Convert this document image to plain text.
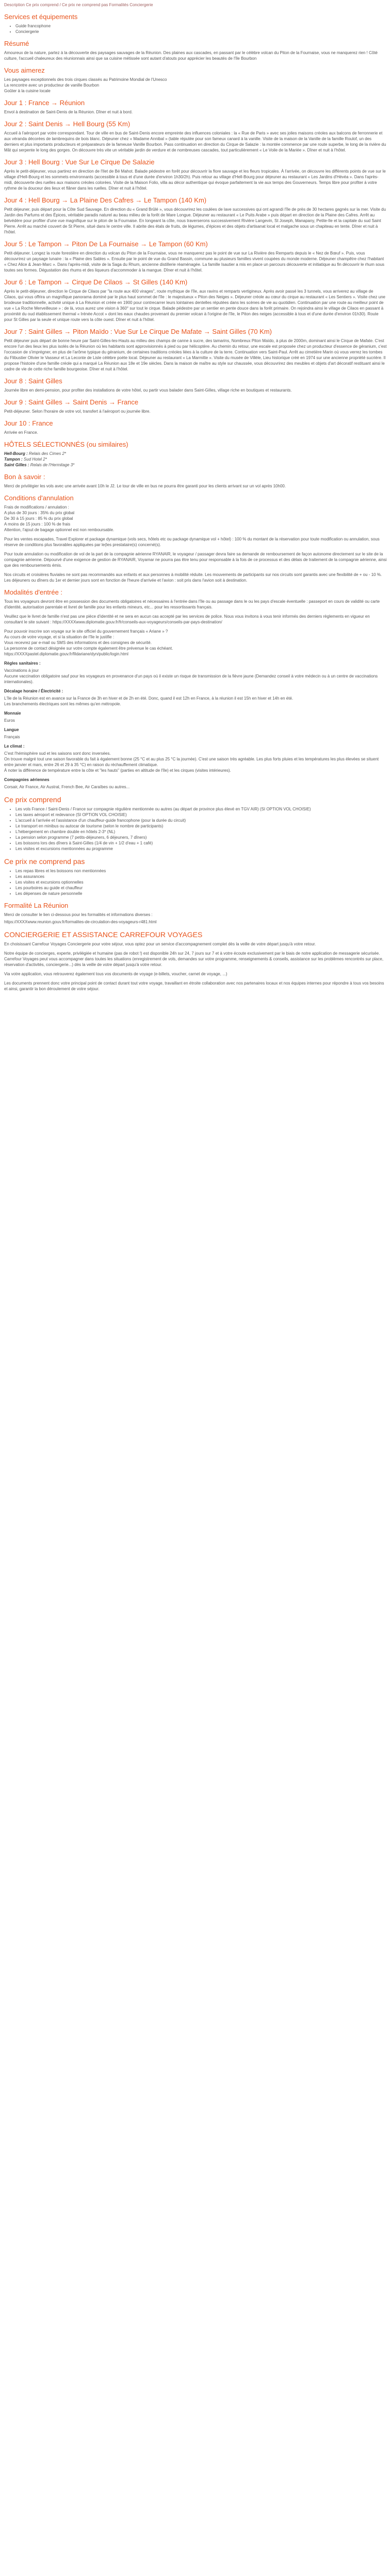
Description Ce prix comprend / Ce prix ne comprend pas Formalités Conciergerie
Services et équipements
• Guide francophone
• Conciergerie
Résumé

Amoureux de la nature, partez à la découverte des paysages sauvages de la Réunion. Des plaines aux cascades, en passant par le célèbre volcan du Piton de la Fournaise, vous ne manquerez rien ! Côté culture, l'accueil chaleureux des réunionnais ainsi que sa cuisine métissée sont autant d'atouts pour apprécier les beautés de l'île Bourbon

Vous aimerez

Les paysages exceptionnels des trois cirques classés au Patrimoine Mondial de l'Unesco

La rencontre avec un producteur de vanille Bourbon

Goûter à la cuisine locale

Jour 1 : France → Réunion

Envol à destination de Saint-Denis de la Réunion. Dîner et nuit à bord.

Jour 2 : Saint Denis → Hell Bourg (55 Km)

Accueil à l'aéroport par votre correspondant. Tour de ville en bus de Saint-Denis encore empreinte des influences coloniales : la « Rue de Paris » avec ses jolies maisons créoles aux balcons de ferronnerie et aux véranda décorées de lambrequins de bois blanc. Déjeuner chez « Madame Annibal » (table réputée pour son fameux canard à la vanille. Visite de la maison de la Vanille de la famille Roulof, un des derniers et plus importants producteurs et préparateurs de la fameuse Vanille Bourbon. Pass continuation en direction du Cirque de Salazie : la montée commence par une route superbe, le long de la rivière du Mât qui serpente le long des gorges. On découvre très vite un véritable jardin de verdure et de nombreuses cascades, tout particulièrement « Le Voile de la Mariée ». Dîner et nuit à l'hôtel.

Jour 3 : Hell Bourg : Vue Sur Le Cirque De Salazie

Après le petit-déjeuner, vous partirez en direction de l'Ilet de Bé Mahot. Balade pédestre en forêt pour découvrir la flore sauvage et les fleurs tropicales. À l'arrivée, on découvre les différents points de vue sur le village d'Hell-Bourg et les sommets environnants (accessible à tous et d'une durée d'environ 1h30/2h). Puis retour au village d'Hell-Bourg pour déjeuner au restaurant « Les Jardins d'Hévéa ». Dans l'après-midi, découverte des ruelles aux maisons créoles colorées. Visite de la Maison Folio, villa au décor authentique qui évoque parfaitement la vie aux temps des Gouverneurs. Temps libre pour profiter à votre rythme de la douceur des lieux et flâner dans les ruelles. Dîner et nuit à l'hôtel.

Jour 4 : Hell Bourg → La Plaine Des Cafres → Le Tampon (140 Km)

Petit déjeuner, puis départ pour la Côte Sud Sauvage. En direction du « Grand Brûlé », vous découvrirez les coulées de lave successives qui ont agrandi l'île de près de 30 hectares gagnés sur la mer. Visite du Jardin des Parfums et des Épices, véritable paradis naturel au beau milieu de la forêt de Mare Longue. Déjeuner au restaurant « Le Puits Arabe » puis départ en direction de la Plaine des Cafres. Arrêt au belvédère pour profiter d'une vue magnifique sur le piton de la Fournaise. En longeant la côte, nous traverserons successivement Rivière Langevin, St Joseph, Manapany, Petite-Ile et la capitale du sud Saint Pierre. Arrêt au marché couvert de St Pierre, situé dans le centre ville. Il abrite des étals de fruits, de légumes, d'épices et des objets d'artisanat local et malgache sous un chapiteau en tente. Dîner et nuit à l'hôtel.

Jour 5 : Le Tampon → Piton De La Fournaise → Le Tampon (60 Km)

Petit-déjeuner. Longez la route forestière en direction du volcan du Piton de la Fournaise, vous ne manquerez pas le point de vue sur La Rivière des Remparts depuis le « Nez de Bœuf ». Puis, vous découvrirez un paysage lunaire : la « Plaine des Sables ». Ensuite par le point de vue du Grand Bassin, commune au plusieurs familles vivent coupées du monde moderne. Déjeuner champêtre chez l'habitant « Chez Alice & Jean-Marc ». Dans l'après-midi, visite de la Saga du Rhum, ancienne distillerie réaménagée. La famille Isautier a mis en place un parcours découverte et initiatique au fin découvrir le rhum sous toutes ses formes. Dégustation des rhums et des liqueurs d'accommoder à la mangue. Dîner et nuit à l'hôtel.

Jour 6 : Le Tampon → Cirque De Cilaos → St Gilles (140 Km)

Après le petit-déjeuner, direction le Cirque de Cilaos par "la route aux 400 virages", route mythique de l'île, aux ravins et remparts vertigineux. Après avoir passé les 3 tunnels, vous arriverez au village de Cilaos, qui vous offrira un magnifique panorama dominé par le plus haut sommet de l'île : le majestueux « Piton des Neiges ». Déjeuner créole au cœur du cirque au restaurant « Les Sentiers ». Visite chez une brodeuse traditionnelle, activité unique à La Réunion et créée en 1900 pour contrecarrer leurs lointaines dentelles réputées dans les scènes de vie au quotidien. Continuation par une route au meilleur point de vue « La Roche Merveilleuse » : de là, vous aurez une vision à 360° sur tout le cirque. Balade pédestre par un sentier en pente douce dans la forêt primaire. On rejoindra ainsi le village de Cilaos en passant à proximité du oud établissement thermal « Irénée Accot » dont les eaux chaudes provenant du premier volcan à l'origine de l'île, le Piton des neiges (accessible à tous et d'une durée d'environ 01h30). Route pour St Gilles par la seule et unique route vers la côte ouest. Dîner et nuit à l'hôtel.

Jour 7 : Saint Gilles → Piton Maïdo : Vue Sur Le Cirque De Mafate → Saint Gilles (70 Km)

Petit déjeuner puis départ de bonne heure par Saint-Gilles-les-Hauts au milieu des champs de canne à sucre, des tamarins, Nombreux Piton Maïdo, à plus de 2000m, dominant ainsi le Cirque de Mafate. C'est encore l'un des lieux les plus isolés de la Réunion où les habitants sont approvisionnés à pied ou par hélicoptère. Au chemin du retour, une escale est proposée chez un producteur d'essence de géranium, c'est l'occasion de s'imprégner, en plus de l'arôme typique du géranium, de certaines traditions créoles liées à la culture de la terre. Continuation vers Saint-Paul. Arrêt au cimetière Marin où vous verrez les tombes du Flibustier Olivier le Vasseur et La Leconte de Lisle célèbre poète local. Déjeuner au restaurant « La Marmitte ». Visite du musée de Villèle, Lieu historique créé en 1974 sur une ancienne propriété sucrière. Il propose l'histoire d'une famille créole qui a marqué La Réunion aux 18e et 19e siècles. Dans la maison de maître au style sur chaussée, vous découvrirez des meubles et objets d'art décoratif restituant ainsi le cadre de vie de cette riche famille bourgeoise. Dîner et nuit à l'hôtel.

Jour 8 : Saint Gilles

Journée libre en demi-pension, pour profiter des installations de votre hôtel, ou partir vous balader dans Saint-Gilles, village riche en boutiques et restaurants.

Jour 9 : Saint Gilles → Saint Denis → France

Petit-déjeuner. Selon l'horaire de votre vol, transfert à l'aéroport ou journée libre.

Jour 10 : France

Arrivée en France.

HÔTELS SÉLECTIONNÉS (ou similaires)
Hell-Bourg : Relais des Cimes 2*
Tampon : Sud Hotel 2*
Saint Gilles : Relais de l'Hermitage 3*
Bon à savoir :

Merci de privilégier les vols avec une arrivée avant 10h le J2. Le tour de ville en bus ne pourra être garanti pour les clients arrivant sur un vol après 10h00.

Conditions d'annulation
Frais de modifications / annulation :
A plus de 30 jours : 35% du prix global
De 30 à 15 jours : 85 % du prix global
A moins de 15 jours : 100 % de frais
Attention, l'ajout de bagage optionnel est non remboursable.

Pour les ventes escapades, Travel Explorer et package dynamique (vols secs, hôtels etc ou package dynamique vol + hôtel) : 100 % du montant de la réservation pour toute modification ou annulation, sous réserve de conditions plus favorables appliquées par le(les prestataire(s) concerné(s).

Pour toute annulation ou modification de vol de la part de la compagnie aérienne RYANAIR, le voyageur / passager devra faire sa demande de remboursement de façon autonome directement sur le site de la compagnie aérienne. Dépourvé d'une exigence de gestion de RYANAIR, Voyamar ne pourra pas être tenu pour responsable à la fois de ce processus et des délais de traitement de la compagnie aérienne, ainsi que des remboursements émis.

Nos circuits et croisières fluviales ne sont pas recommandés aux enfants et aux personnes à mobilité réduite. Les mouvements de participants sur nos circuits sont garantis avec une flexibilité de + ou - 10 %. Les déjeuners ou dîners du 1er et dernier jours sont en fonction de l'heure d'arrivée et l'avion : soit pris dans l'avion soit à destination.

Modalités d'entrée :

Tous les voyageurs devront être en possession des documents obligatoires et nécessaires à l'entrée dans l'île ou au passage dans le ou les pays d'escale éventuelle : passeport en cours de validité ou carte d'identité, autorisation parentale et livret de famille pour les enfants mineurs, etc... pour les ressortissants français.

Veuillez que le livret de famille n'est pas une pièce d'identité et ne sera en aucun cas accepté par les services de police. Nous vous invitons à vous tenir informés des derniers règlements en vigueur en consultant le site suivant : https://XXXXwww.diplomatie.gouv.fr/fr/conseils-aux-voyageurs/conseils-par-pays-destination/

Pour pouvoir inscrire son voyage sur le site officiel du gouvernement français « Ariane » ?
Au cours de votre voyage, et si la situation de l'île le justifie :
Vous recevrez par e-mail ou SMS des informations et des consignes de sécurité.
La personne de contact désignée sur votre compte également être prévenue le cas échéant.
https://XXXXpastel.diplomatie.gouv.fr/fildariane/dyn/public/login.html

Règles sanitaires :

Vaccinations à jour
Aucune vaccination obligatoire sauf pour les voyageurs en provenance d'un pays où il existe un risque de transmission de la fièvre jaune (Demandez conseil à votre médecin ou à un centre de vaccinations internationales).

Décalage horaire / Électricité :

L'île de la Réunion est en avance sur la France de 3h en hiver et de 2h en été. Donc, quand il est 12h en France, à la réunion il est 15h en hiver et 14h en été.
Les branchements électriques sont les mêmes qu'en métropole.

Monnaie

Euros

Langue

Français

Le climat :

C'est l'hémisphère sud et les saisons sont donc inversées.
On trouve malgré tout une saison favorable du fait à également bonne (25 °C et au plus 25 °C la journée). C'est une saison très agréable. Les plus forts pluies et les températures les plus élevées se situent entre janvier et mars, entre 26 et 29 à 35 °C) en raison du réchauffement climatique.
À noter la différence de température entre la côte et "les hauts" (parties en altitude de l'île) et les cirques (visites intérieures).

Compagnies aériennes

Corsair, Air France, Air Austral, French Bee, Air Caraïbes ou autres...

Ce prix comprend
• Les vols France / Saint-Denis / France sur compagnie régulière mentionnée ou autres (au départ de province plus élevé en TGV AIR) (SI OPTION VOL CHOISIE)
• Les taxes aéroport et redevance (SI OPTION VOL CHOISIE)
• L'accueil à l'arrivée et l'assistance d'un chauffeur-guide francophone (pour la durée du circuit)
• Le transport en minibus ou autocar de tourisme (selon le nombre de participants)
• L'hébergement en chambre double en hôtels 2-3* (NL)
• La pension selon programme (7 petits-déjeuners, 6 déjeuners, 7 dîners)
• Les boissons lors des dîners à Saint-Gilles (1/4 de vin + 1/2 d'eau + 1 café)
• Les visites et excursions mentionnées au programme
Ce prix ne comprend pas
• Les repas libres et les boissons non mentionnées
• Les assurances
• Les visites et excursions optionnelles
• Les pourboires au guide et chauffeur
• Les dépenses de nature personnelle
Formalité La Réunion

Merci de consulter le lien ci-dessous pour les formalités et informations diverses :

https://XXXXwww.reunion.gouv.fr/formalites-de-circulation-des-voyageurs-r481.html

CONCIERGERIE ET ASSISTANCE CARREFOUR VOYAGES

En choisissant Carrefour Voyages Conciergerie pour votre séjour, vous optez pour un service d'accompagnement complet dès la veille de votre départ jusqu'à votre retour.

Notre équipe de concierges, experte, privilégiée et humaine (pas de robot !) est disponible 24h sur 24, 7 jours sur 7 et à votre écoute exclusivement par le biais de notre application de messagerie sécurisée. Carrefour Voyages peut vous accompagner dans toutes les situations (enregistrement de vols, demandes sur votre programme, renseignements & conseils, assistance sur les problèmes rencontrés sur place, réservation d'activités, conciergerie...) dès la veille de votre départ jusqu'à votre retour.

Via votre application, vous retrouverez également tous vos documents de voyage (e-billets, voucher, carnet de voyage, ...)

Les documents prennent donc votre principal point de contact durant tout votre voyage, travaillant en étroite collaboration avec nos partenaires locaux et nos équipes internes pour répondre à tous vos besoins et ainsi, garantir la bon déroulement de votre séjour.
